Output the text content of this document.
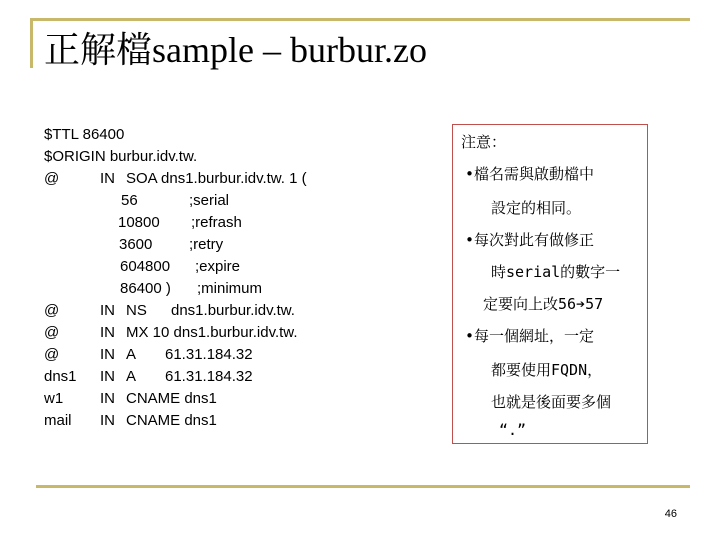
正解檔sample – burbur.zo
$TTL 86400
$ORIGIN burbur.idv.tw.
@	IN SOA dns1.burbur.idv.tw. 1 (
56	;serial
10800 ;refrash
3600 ;retry
604800 ;expire
86400 ) ;minimum
@	IN NS dns1.burbur.idv.tw.
@	IN MX 10 dns1.burbur.idv.tw.
@	IN A 61.31.184.32
dns1 IN A 61.31.184.32
w1 IN CNAME dns1
mail IN CNAME dns1
注意：
•檔名需與啟動檔中
設定的相同。
•每次對此有做修正
時serial的數字一
定要向上改56➔57
•每一個網址，一定
都要使用FQDN，
也就是後面要多個
“.”
46
